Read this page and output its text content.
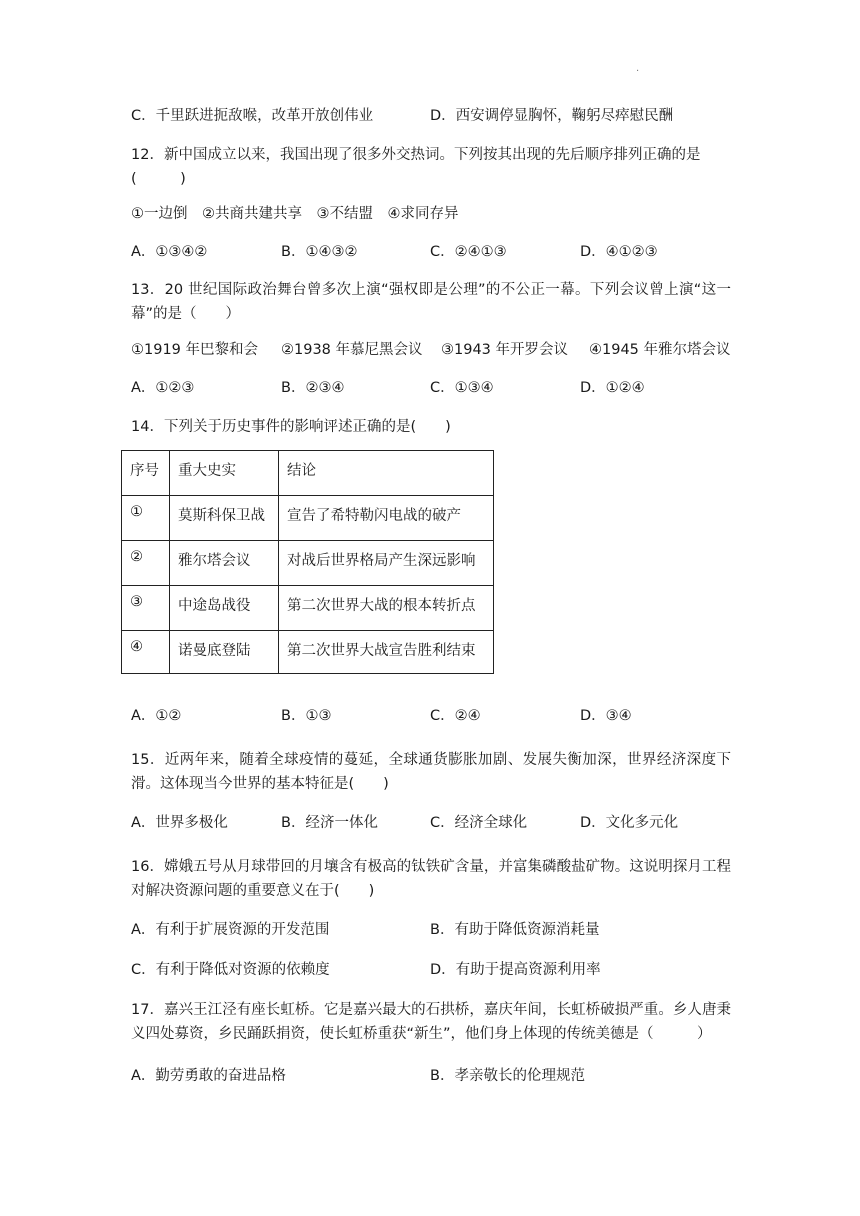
·
C．千里跃进扼敌喉，改革开放创伟业	D．西安调停显胸怀，鞠躬尽瘁慰民酬
12．新中国成立以来，我国出现了很多外交热词。下列按其出现的先后顺序排列正确的是
(　　　)
①一边倒　②共商共建共享　③不结盟　④求同存异
A．①③④②	B．①④③②	C．②④①③	D．④①②③
13．20 世纪国际政治舞台曾多次上演“强权即是公理”的不公正一幕。下列会议曾上演“这一幕”的是（　　）
①1919 年巴黎和会 ②1938 年慕尼黑会议 ③1943 年开罗会议 ④1945 年雅尔塔会议
A．①②③	B．②③④	C．①③④	D．①②④
14．下列关于历史事件的影响评述正确的是(　　)
序号	重大史实	结论
①	莫斯科保卫战	宣告了希特勒闪电战的破产
②	雅尔塔会议	对战后世界格局产生深远影响
③	中途岛战役	第二次世界大战的根本转折点
④	诺曼底登陆	第二次世界大战宣告胜利结束
A．①②	B．①③	C．②④	D．③④
15．近两年来，随着全球疫情的蔓延，全球通货膨胀加剧、发展失衡加深，世界经济深度下滑。这体现当今世界的基本特征是(　　)
A．世界多极化	B．经济一体化	C．经济全球化	D．文化多元化
16．嫦娥五号从月球带回的月壤含有极高的钛铁矿含量，并富集磷酸盐矿物。这说明探月工程对解决资源问题的重要意义在于(　　)
A．有利于扩展资源的开发范围	B．有助于降低资源消耗量
C．有利于降低对资源的依赖度	D．有助于提高资源利用率
17．嘉兴王江泾有座长虹桥。它是嘉兴最大的石拱桥，嘉庆年间，长虹桥破损严重。乡人唐秉义四处募资，乡民踊跃捐资，使长虹桥重获“新生”，他们身上体现的传统美德是（　　　）
A．勤劳勇敢的奋进品格	B．孝亲敬长的伦理规范
